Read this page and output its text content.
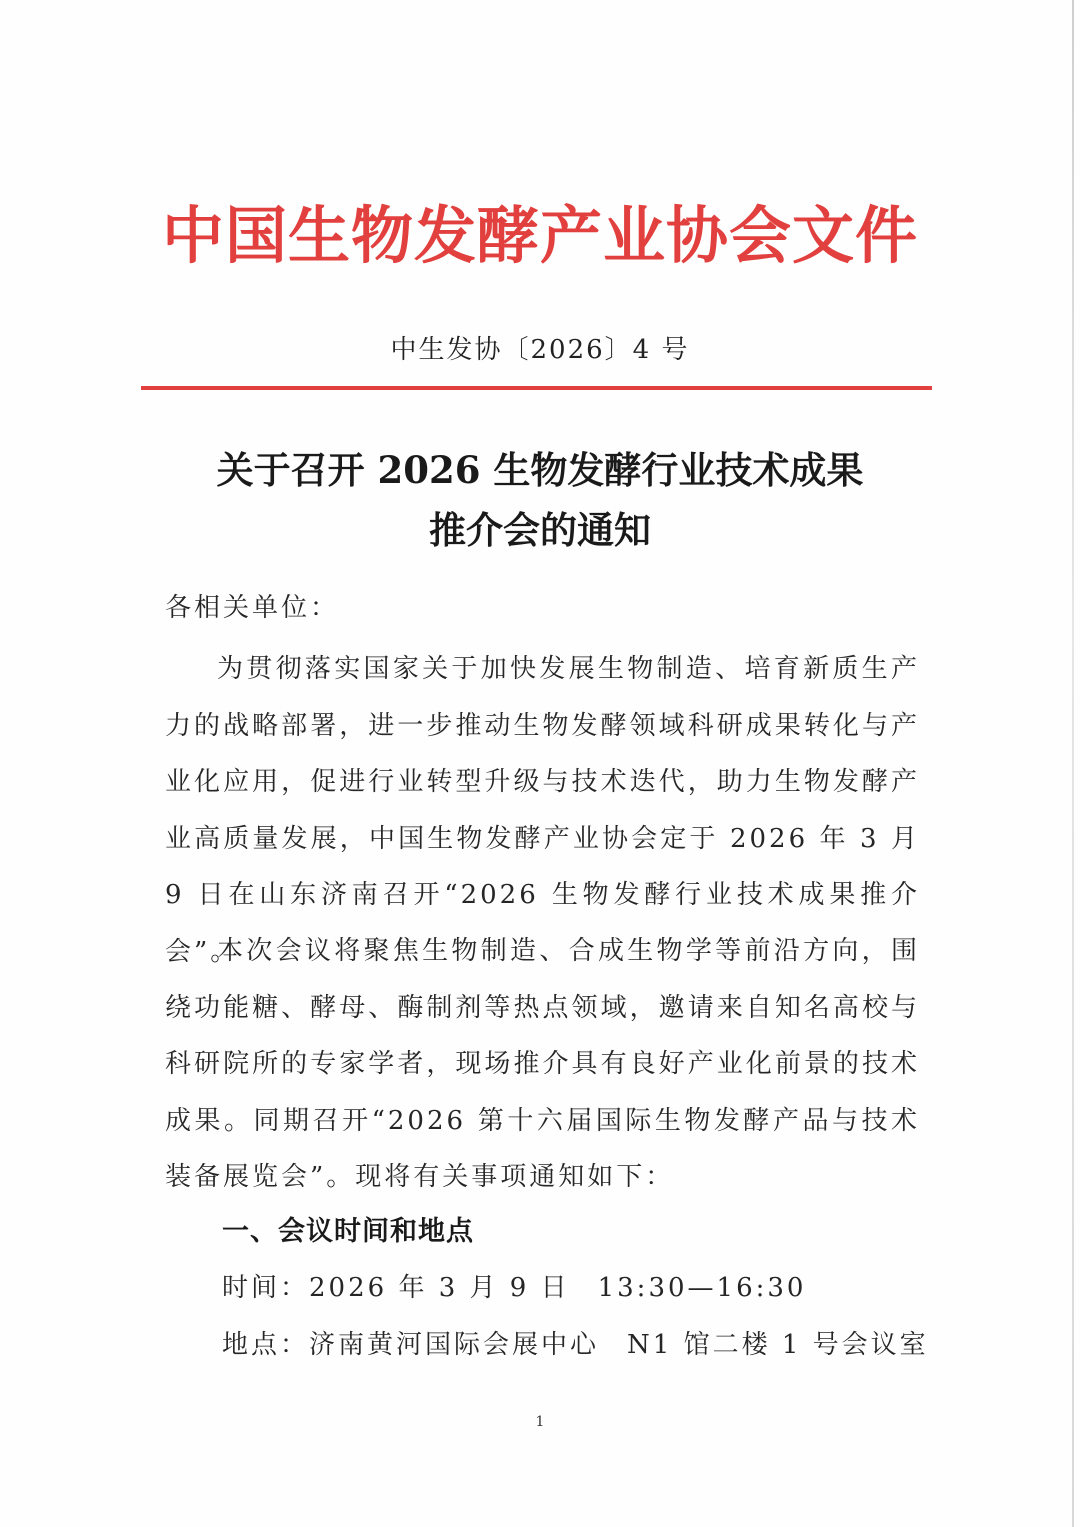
中国生物发酵产业协会文件
中生发协〔2026〕4 号
关于召开 2026 生物发酵行业技术成果
推介会的通知
各相关单位：
为贯彻落实国家关于加快发展生物制造、培育新质生产力的战略部署，进一步推动生物发酵领域科研成果转化与产业化应用，促进行业转型升级与技术迭代，助力生物发酵产业高质量发展，中国生物发酵产业协会定于 2026 年 3 月 9 日在山东济南召开“2026 生物发酵行业技术成果推介会”。
本次会议将聚焦生物制造、合成生物学等前沿方向，围绕功能糖、酵母、酶制剂等热点领域，邀请来自知名高校与科研院所的专家学者，现场推介具有良好产业化前景的技术成果。同期召开“2026 第十六届国际生物发酵产品与技术装备展览会”。现将有关事项通知如下：
一、会议时间和地点
时间：2026 年 3 月 9 日 13:30—16:30
地点：济南黄河国际会展中心 N1 馆二楼 1 号会议室
1
